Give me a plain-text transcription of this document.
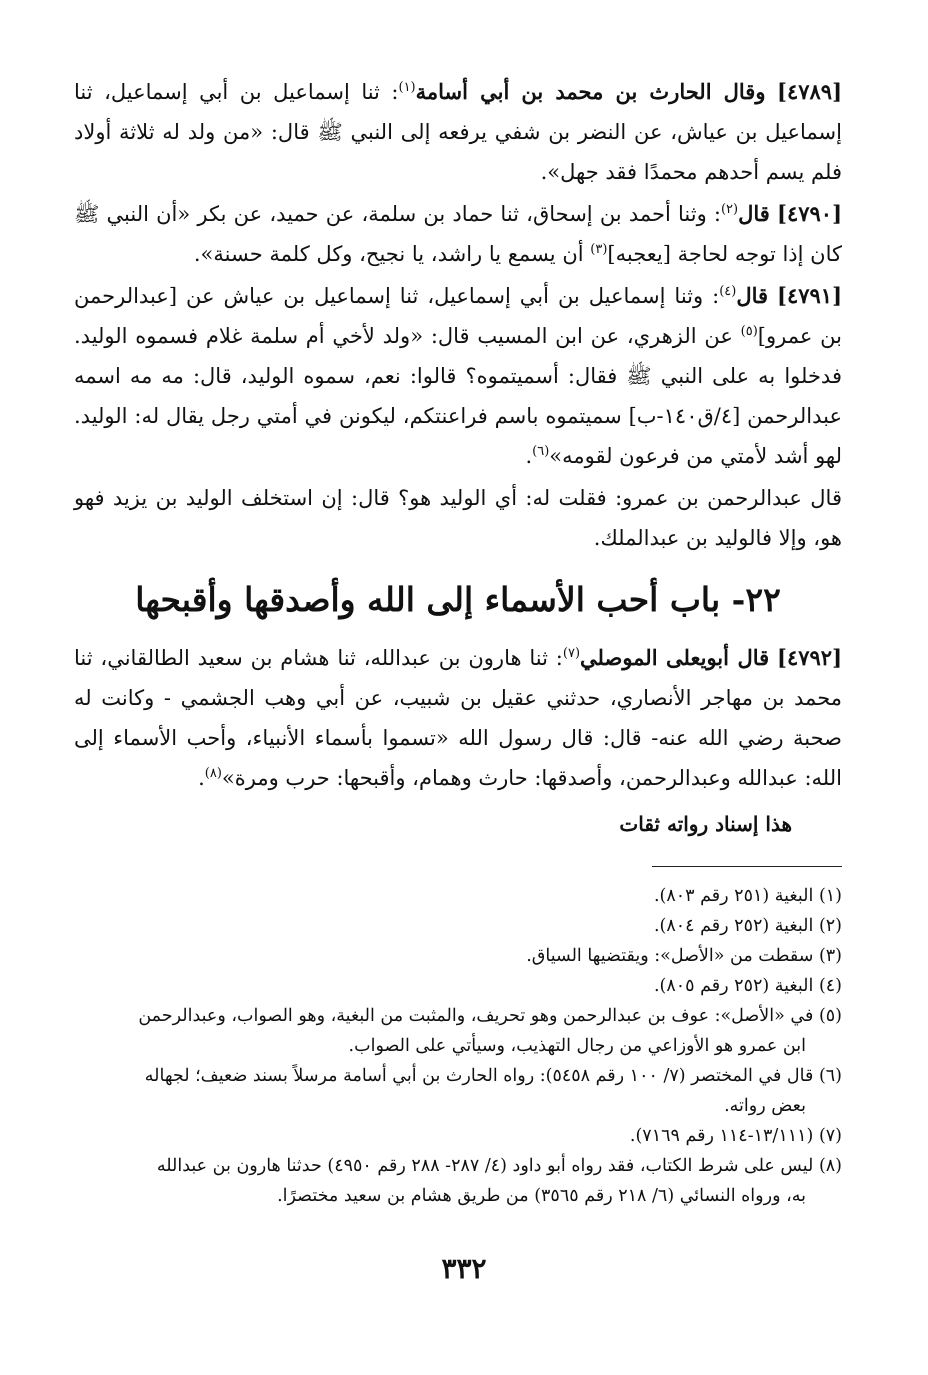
[٤٧٨٩] وقال الحارث بن محمد بن أبي أسامة$^{(١)}$: ثنا إسماعيل بن أبي إسماعيل، ثنا إسماعيل بن عياش، عن النضر بن شفي يرفعه إلى النبي ﷺ قال: «من ولد له ثلاثة أولاد فلم يسم أحدهم محمدًا فقد جهل».

[٤٧٩٠] قال$^{(٢)}$: وثنا أحمد بن إسحاق، ثنا حماد بن سلمة، عن حميد، عن بكر «أن النبي ﷺ كان إذا توجه لحاجة [يعجبه]$^{(٣)}$ أن يسمع يا راشد، يا نجيح، وكل كلمة حسنة».

[٤٧٩١] قال$^{(٤)}$: وثنا إسماعيل بن أبي إسماعيل، ثنا إسماعيل بن عياش عن [عبدالرحمن بن عمرو]$^{(٥)}$ عن الزهري، عن ابن المسيب قال: «ولد لأخي أم سلمة غلام فسموه الوليد. فدخلوا به على النبي ﷺ فقال: أسميتموه؟ قالوا: نعم، سموه الوليد، قال: مه مه اسمه عبدالرحمن [٤/ق١٤٠-ب] سميتموه باسم فراعنتكم، ليكونن في أمتي رجل يقال له: الوليد. لهو أشد لأمتي من فرعون لقومه»$^{(٦)}$.

قال عبدالرحمن بن عمرو: فقلت له: أي الوليد هو؟ قال: إن استخلف الوليد بن يزيد فهو هو، وإلا فالوليد بن عبدالملك.

٢٢- باب أحب الأسماء إلى الله وأصدقها وأقبحها

[٤٧٩٢] قال أبويعلى الموصلي$^{(٧)}$: ثنا هارون بن عبدالله، ثنا هشام بن سعيد الطالقاني، ثنا محمد بن مهاجر الأنصاري، حدثني عقيل بن شبيب، عن أبي وهب الجشمي - وكانت له صحبة رضي الله عنه- قال: قال رسول الله «تسموا بأسماء الأنبياء، وأحب الأسماء إلى الله: عبدالله وعبدالرحمن، وأصدقها: حارث وهمام، وأقبحها: حرب ومرة»$^{(٨)}$.

هذا إسناد رواته ثقات

(١) البغية (٢٥١ رقم ٨٠٣).

(٢) البغية (٢٥٢ رقم ٨٠٤).

(٣) سقطت من «الأصل»: ويقتضيها السياق.

(٤) البغية (٢٥٢ رقم ٨٠٥).

(٥) في «الأصل»: عوف بن عبدالرحمن وهو تحريف، والمثبت من البغية، وهو الصواب، وعبدالرحمن

ابن عمرو هو الأوزاعي من رجال التهذيب، وسيأتي على الصواب.

(٦) قال في المختصر (٧/ ١٠٠ رقم ٥٤٥٨): رواه الحارث بن أبي أسامة مرسلاً بسند ضعيف؛ لجهاله

بعض رواته.

(٧) (١٣/١١١-١١٤ رقم ٧١٦٩).

(٨) ليس على شرط الكتاب، فقد رواه أبو داود (٤/ ٢٨٧- ٢٨٨ رقم ٤٩٥٠) حدثنا هارون بن عبدالله

به، ورواه النسائي (٦/ ٢١٨ رقم ٣٥٦٥) من طريق هشام بن سعيد مختصرًا.

٣٣٢
